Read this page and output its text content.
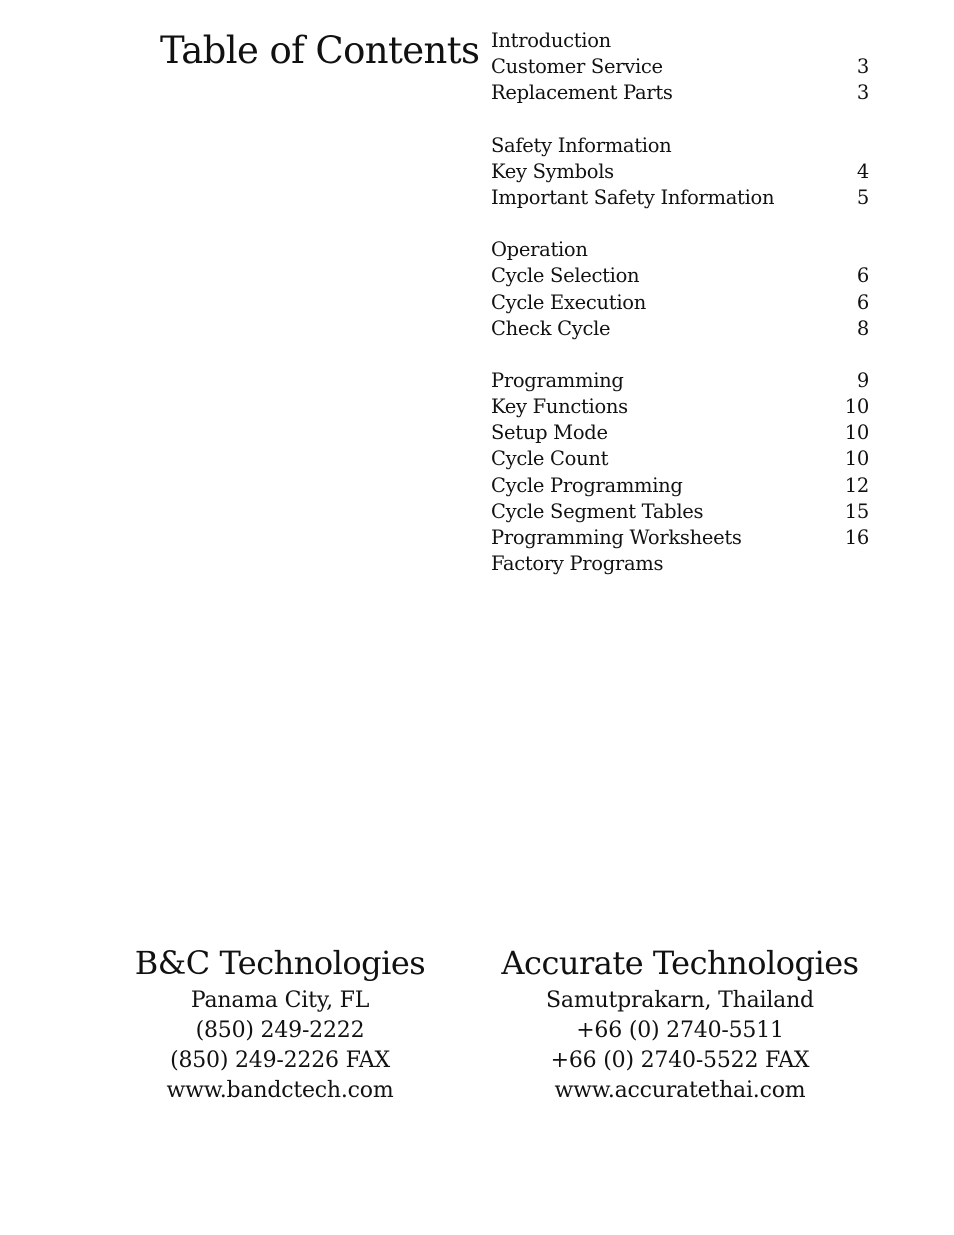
Table of Contents Introduction
Customer Service	3
Replacement Parts	3
Safety Information
Key Symbols	4
Important Safety Information	5
Operation
Cycle Selection	6
Cycle Execution	6
Check Cycle	8
Programming	9
Key Functions	10
Setup Mode	10
Cycle Count	10
Cycle Programming	12
Cycle Segment Tables	15
Programming Worksheets	16
Factory Programs
B&C Technologies
Panama City, FL
(850) 249-2222
(850) 249-2226 FAX
www.bandctech.com
Accurate Technologies
Samutprakarn, Thailand
+66 (0) 2740-5511
+66 (0) 2740-5522 FAX
www.accuratethai.com
